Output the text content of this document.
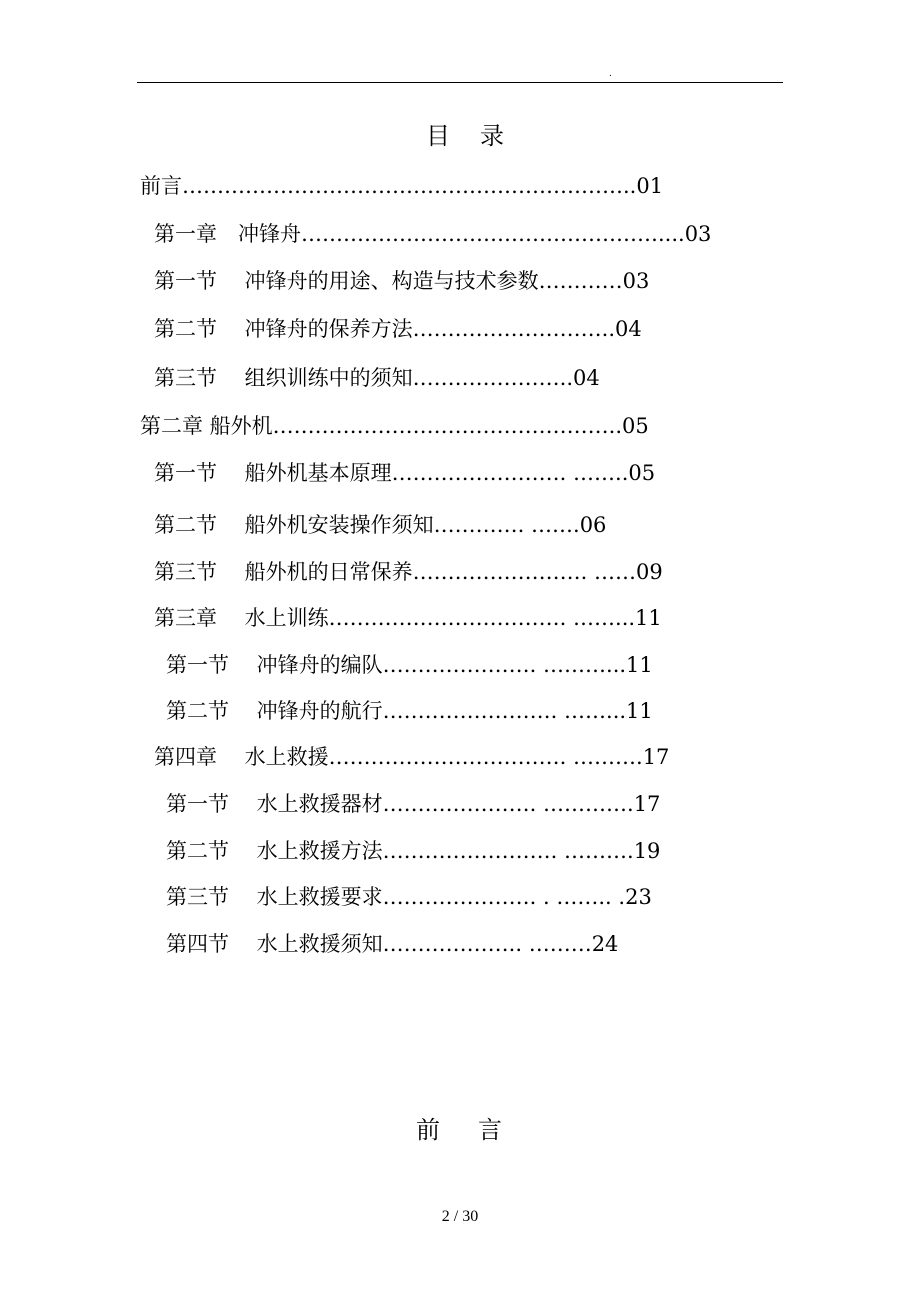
.
目录
前言………………………………………………………..01
第一章　冲锋舟……………………………………………....03
第一节　 冲锋舟的用途、构造与技术参数…………03
第二节　 冲锋舟的保养方法………………………..04
第三节　 组织训练中的须知…………………..04
第二章 船外机…………………………………………..05
第一节　 船外机基本原理……………………. ……..05
第二节　 船外机安装操作须知…………. …….06
第三节　 船外机的日常保养……………………. ……09
第三章　 水上训练……………………………. ……...11
第一节　 冲锋舟的编队…………………. ………...11
第二节　 冲锋舟的航行……………………. ……...11
第四章　 水上救援……………………………. ……….17
第一节　 水上救援器材…………………. ………….17
第二节　 水上救援方法……………………. ……….19
第三节　 水上救援要求…………………. . …….. .23
第四节　 水上救援须知……………….. ………24
前言
2 / 30
